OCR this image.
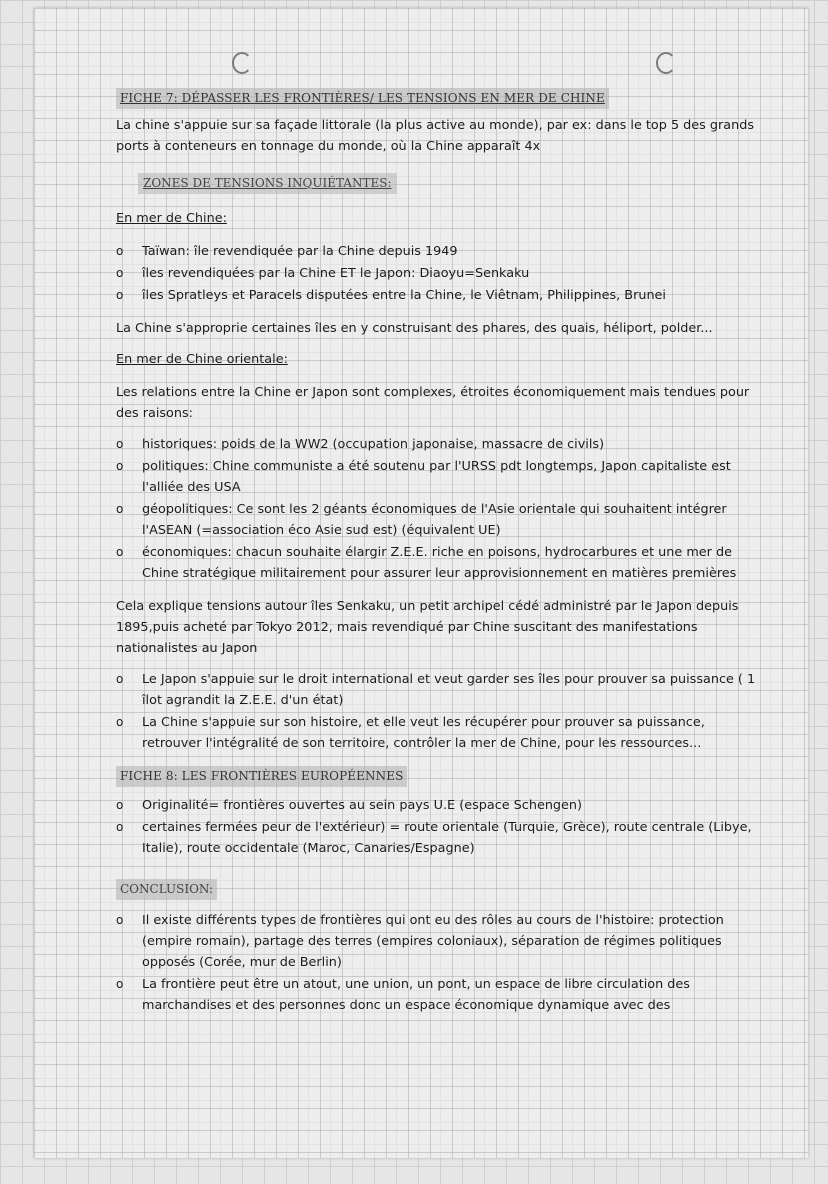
FICHE 7: DÉPASSER LES FRONTIÈRES/ LES TENSIONS EN MER DE CHINE
La chine s'appuie sur sa façade littorale (la plus active au monde), par ex: dans le top 5 des grands ports à conteneurs en tonnage du monde, où la Chine apparaît 4x
ZONES DE TENSIONS INQUIÉTANTES:
En mer de Chine:
o Taïwan: île revendiquée par la Chine depuis 1949
o îles revendiquées par la Chine ET le Japon: Diaoyu=Senkaku
o îles Spratleys et Paracels disputées entre la Chine, le Viêtnam, Philippines, Brunei
La Chine s'approprie certaines îles en y construisant des phares, des quais, héliport, polder...
En mer de Chine orientale:
Les relations entre la Chine er Japon sont complexes, étroites économiquement mais tendues pour des raisons:
o historiques: poids de la WW2 (occupation japonaise, massacre de civils)
o politiques: Chine communiste a été soutenu par l'URSS pdt longtemps, Japon capitaliste est l'alliée des USA
o géopolitiques: Ce sont les 2 géants économiques de l'Asie orientale qui souhaitent intégrer l'ASEAN (=association éco Asie sud est) (équivalent UE)
o économiques: chacun souhaite élargir Z.E.E. riche en poisons, hydrocarbures et une mer de Chine stratégique militairement pour assurer leur approvisionnement en matières premières
Cela explique tensions autour îles Senkaku, un petit archipel cédé administré par le Japon depuis 1895,puis acheté par Tokyo 2012, mais revendiqué par Chine suscitant des manifestations nationalistes au Japon
o Le Japon s'appuie sur le droit international et veut garder ses îles pour prouver sa puissance ( 1 îlot agrandit la Z.E.E. d'un état)
o La Chine s'appuie sur son histoire, et elle veut les récupérer pour prouver sa puissance, retrouver l'intégralité de son territoire, contrôler la mer de Chine, pour les ressources...
FICHE 8: LES FRONTIÈRES EUROPÉENNES
o Originalité= frontières ouvertes au sein pays U.E (espace Schengen)
o certaines fermées peur de l'extérieur) = route orientale (Turquie, Grèce), route centrale (Libye, Italie), route occidentale (Maroc, Canaries/Espagne)
CONCLUSION:
o Il existe différents types de frontières qui ont eu des rôles au cours de l'histoire: protection (empire romain), partage des terres (empires coloniaux), séparation de régimes politiques opposés (Corée, mur de Berlin)
o La frontière peut être un atout, une union, un pont, un espace de libre circulation des marchandises et des personnes donc un espace économique dynamique avec des
